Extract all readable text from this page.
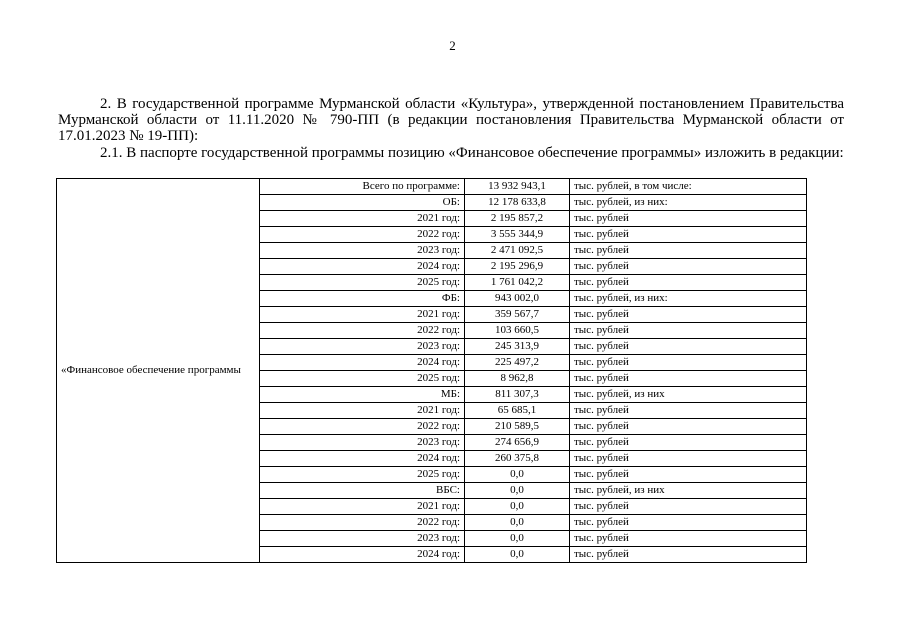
2
2. В государственной программе Мурманской области «Культура», утвержденной постановлением Правительства Мурманской области от 11.11.2020 № 790-ПП (в редакции постановления Правительства Мурманской области от 17.01.2023 № 19-ПП):
2.1. В паспорте государственной программы позицию «Финансовое обеспечение программы» изложить в редакции:
«Финансовое обеспечение программы	Всего по программе:	13 932 943,1	тыс. рублей, в том числе:
	ОБ:	12 178 633,8	тыс. рублей, из них:
	2021 год:	2 195 857,2	тыс. рублей
	2022 год:	3 555 344,9	тыс. рублей
	2023 год:	2 471 092,5	тыс. рублей
	2024 год:	2 195 296,9	тыс. рублей
	2025 год:	1 761 042,2	тыс. рублей
	ФБ:	943 002,0	тыс. рублей, из них:
	2021 год:	359 567,7	тыс. рублей
	2022 год:	103 660,5	тыс. рублей
	2023 год:	245 313,9	тыс. рублей
	2024 год:	225 497,2	тыс. рублей
	2025 год:	8 962,8	тыс. рублей
	МБ:	811 307,3	тыс. рублей, из них
	2021 год:	65 685,1	тыс. рублей
	2022 год:	210 589,5	тыс. рублей
	2023 год:	274 656,9	тыс. рублей
	2024 год:	260 375,8	тыс. рублей
	2025 год:	0,0	тыс. рублей
	ВБС:	0,0	тыс. рублей, из них
	2021 год:	0,0	тыс. рублей
	2022 год:	0,0	тыс. рублей
	2023 год:	0,0	тыс. рублей
	2024 год:	0,0	тыс. рублей
